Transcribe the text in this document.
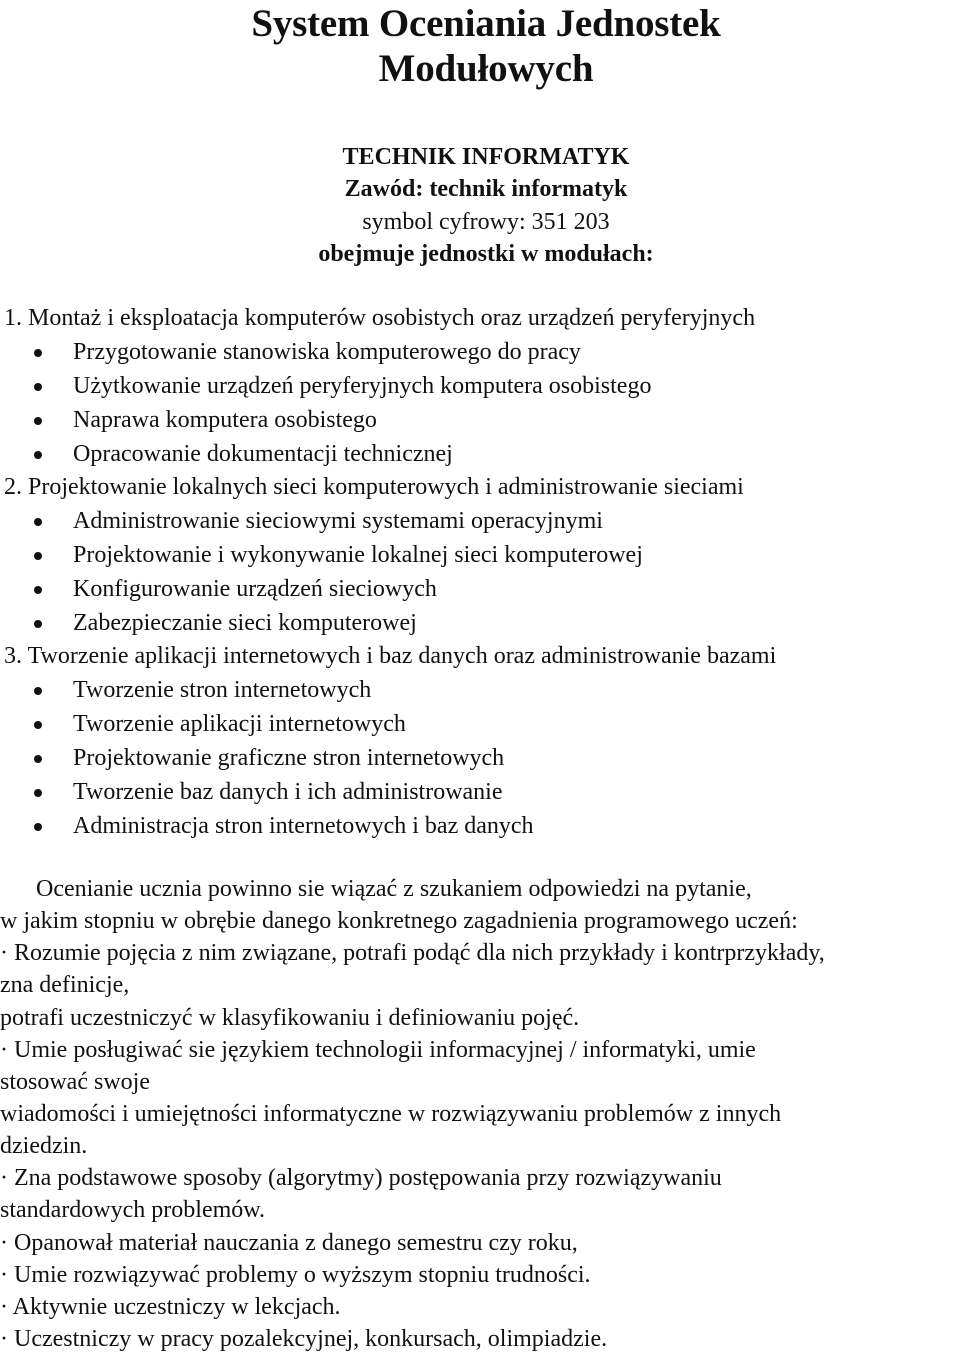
System Oceniania Jednostek
Modułowych
TECHNIK INFORMATYK
Zawód: technik informatyk
symbol cyfrowy: 351 203
obejmuje jednostki w modułach:
1. Montaż i eksploatacja komputerów osobistych oraz urządzeń peryferyjnych
Przygotowanie stanowiska komputerowego do pracy
Użytkowanie urządzeń peryferyjnych komputera osobistego
Naprawa komputera osobistego
Opracowanie dokumentacji technicznej
2. Projektowanie lokalnych sieci komputerowych i administrowanie sieciami
Administrowanie sieciowymi systemami operacyjnymi
Projektowanie i wykonywanie lokalnej sieci komputerowej
Konfigurowanie urządzeń sieciowych
Zabezpieczanie sieci komputerowej
3. Tworzenie aplikacji internetowych i baz danych oraz administrowanie bazami
Tworzenie stron internetowych
Tworzenie aplikacji internetowych
Projektowanie graficzne stron internetowych
Tworzenie baz danych i ich administrowanie
Administracja stron internetowych i baz danych
Ocenianie ucznia powinno sie wiązać z szukaniem odpowiedzi na pytanie,
w jakim stopniu w obrębie danego konkretnego zagadnienia programowego uczeń:
· Rozumie pojęcia z nim związane, potrafi podąć dla nich przykłady i kontrprzykłady,
zna definicje,
potrafi uczestniczyć w klasyfikowaniu i definiowaniu pojęć.
· Umie posługiwać sie językiem technologii informacyjnej / informatyki, umie
stosować swoje
wiadomości i umiejętności informatyczne w rozwiązywaniu problemów z innych
dziedzin.
· Zna podstawowe sposoby (algorytmy) postępowania przy rozwiązywaniu
standardowych problemów.
· Opanował materiał nauczania z danego semestru czy roku,
· Umie rozwiązywać problemy o wyższym stopniu trudności.
· Aktywnie uczestniczy w lekcjach.
· Uczestniczy w pracy pozalekcyjnej, konkursach, olimpiadzie.
